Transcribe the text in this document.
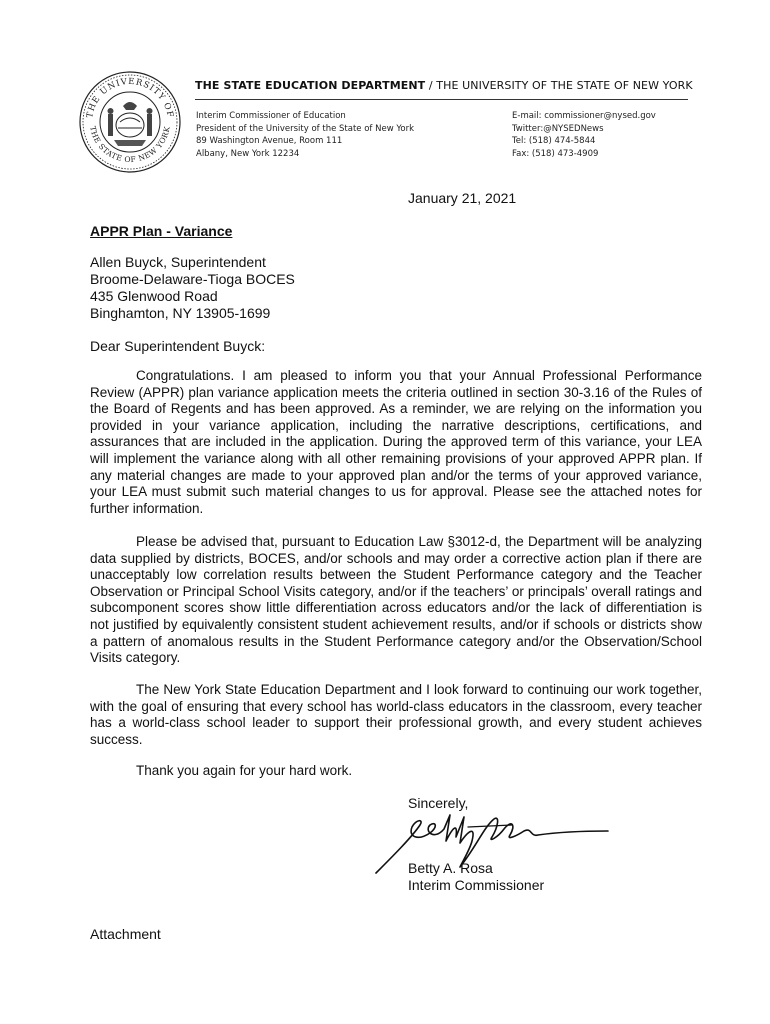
THE UNIVERSITY OF
THE STATE OF NEW YORK
THE STATE EDUCATION DEPARTMENT / THE UNIVERSITY OF THE STATE OF NEW YORK
Interim Commissioner of Education
President of the University of the State of New York
89 Washington Avenue, Room 111
Albany, New York 12234
E-mail: commissioner@nysed.gov
Twitter:@NYSEDNews
Tel: (518) 474-5844
Fax: (518) 473-4909
January 21, 2021
APPR Plan - Variance
Allen Buyck, Superintendent
Broome-Delaware-Tioga BOCES
435 Glenwood Road
Binghamton, NY 13905-1699
Dear Superintendent Buyck:

Congratulations. I am pleased to inform you that your Annual Professional Performance Review (APPR) plan variance application meets the criteria outlined in section 30-3.16 of the Rules of the Board of Regents and has been approved. As a reminder, we are relying on the information you provided in your variance application, including the narrative descriptions, certifications, and assurances that are included in the application. During the approved term of this variance, your LEA will implement the variance along with all other remaining provisions of your approved APPR plan. If any material changes are made to your approved plan and/or the terms of your approved variance, your LEA must submit such material changes to us for approval. Please see the attached notes for further information.

Please be advised that, pursuant to Education Law §3012-d, the Department will be analyzing data supplied by districts, BOCES, and/or schools and may order a corrective action plan if there are unacceptably low correlation results between the Student Performance category and the Teacher Observation or Principal School Visits category, and/or if the teachers’ or principals’ overall ratings and subcomponent scores show little differentiation across educators and/or the lack of differentiation is not justified by equivalently consistent student achievement results, and/or if schools or districts show a pattern of anomalous results in the Student Performance category and/or the Observation/School Visits category.

The New York State Education Department and I look forward to continuing our work together, with the goal of ensuring that every school has world-class educators in the classroom, every teacher has a world-class school leader to support their professional growth, and every student achieves success.

Thank you again for your hard work.

Sincerely,
Betty A. Rosa
Interim Commissioner
Attachment
